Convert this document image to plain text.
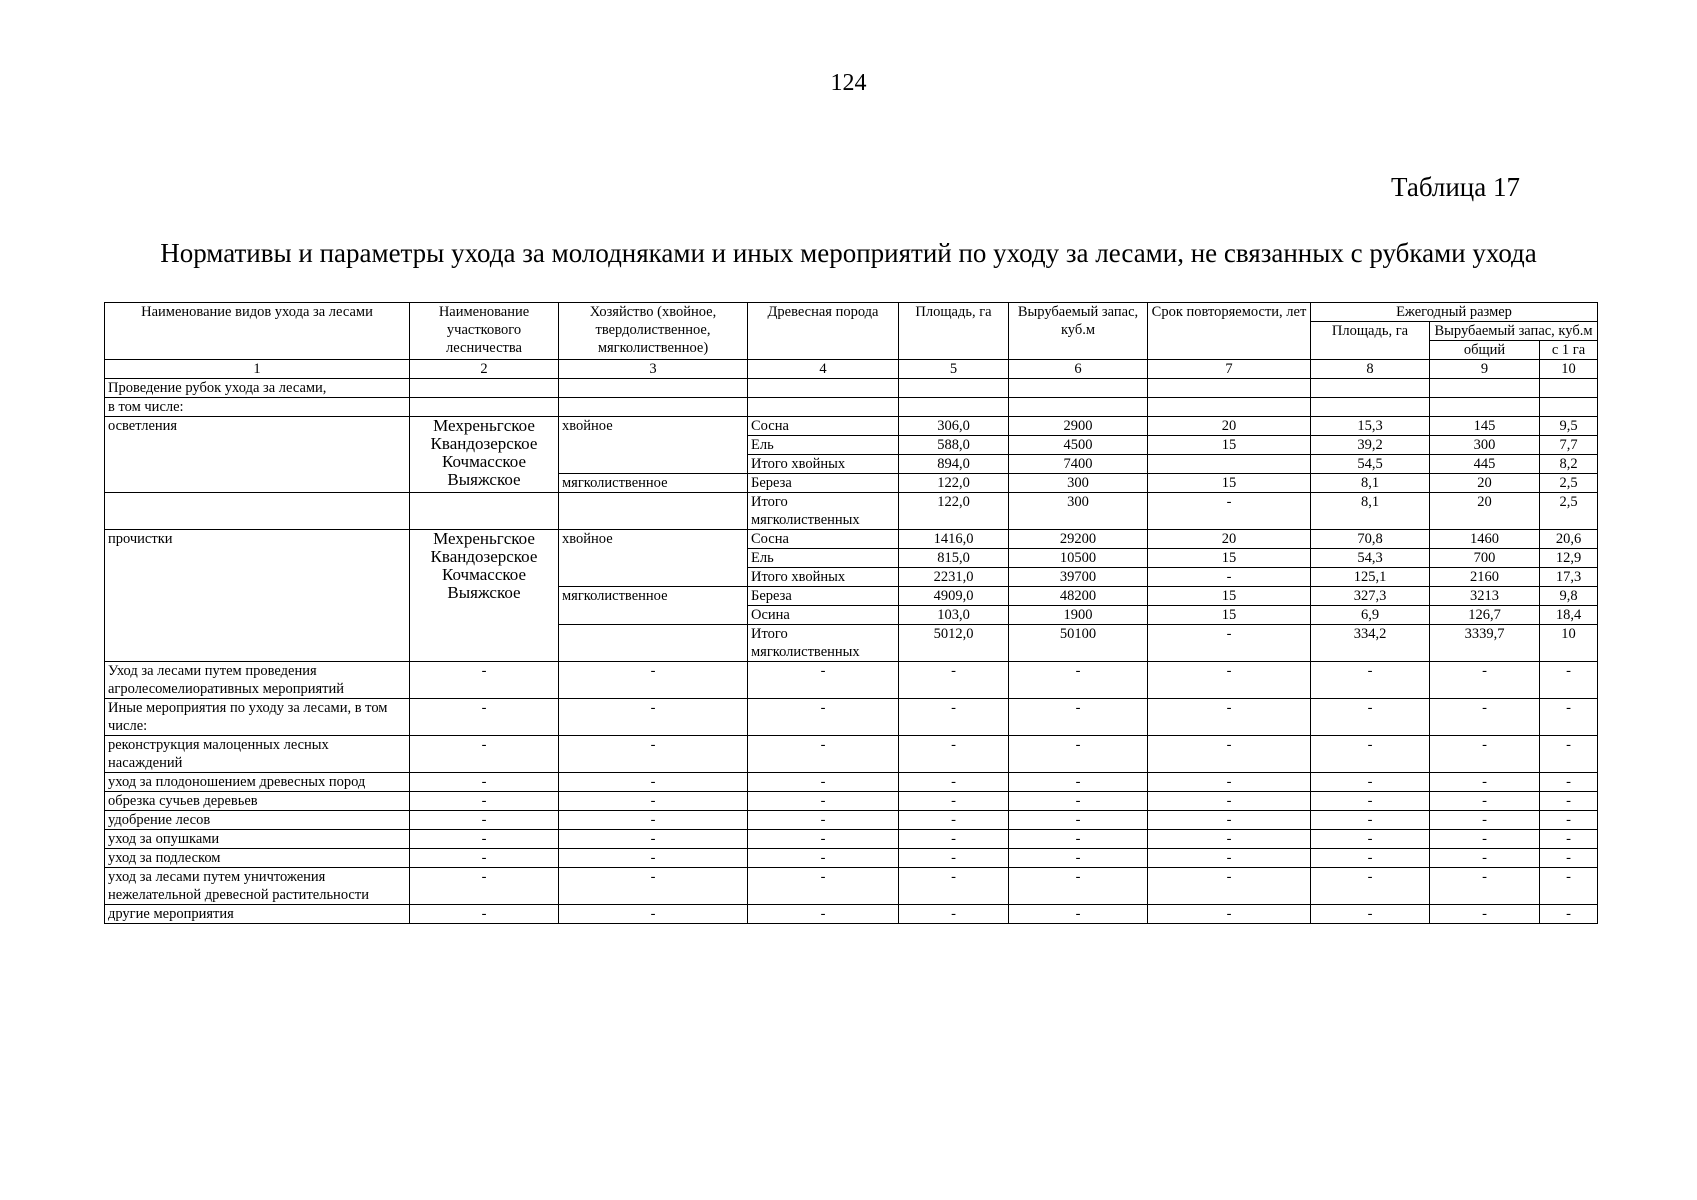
124
Таблица 17
Нормативы и параметры ухода за молодняками и иных мероприятий по уходу за лесами, не связанных с рубками ухода
Наименование видов ухода за лесами	Наименование участкового лесничества	Хозяйство (хвойное, твердолиственное, мягколиственное)	Древесная порода	Площадь, га	Вырубаемый запас, куб.м	Срок повторяемости, лет	Ежегодный размер		
							Площадь, га	Вырубаемый запас, куб.м	
								общий	с 1 га
1	2	3	4	5	6	7	8	9	10
Проведение рубок ухода за лесами,									
в том числе:									
осветления	Мехреньгское
Квандозерское
Кочмасское
Выяжское	хвойное	Сосна	306,0	2900	20	15,3	145	9,5
			Ель	588,0	4500	15	39,2	300	7,7
			Итого хвойных	894,0	7400		54,5	445	8,2
		мягколиственное	Береза	122,0	300	15	8,1	20	2,5
			Итого мягколиственных	122,0	300	-	8,1	20	2,5
прочистки	Мехреньгское
Квандозерское
Кочмасское
Выяжское	хвойное	Сосна	1416,0	29200	20	70,8	1460	20,6
			Ель	815,0	10500	15	54,3	700	12,9
			Итого хвойных	2231,0	39700	-	125,1	2160	17,3
		мягколиственное	Береза	4909,0	48200	15	327,3	3213	9,8
			Осина	103,0	1900	15	6,9	126,7	18,4
			Итого мягколиственных	5012,0	50100	-	334,2	3339,7	10
Уход за лесами путем проведения агролесомелиоративных мероприятий	-	-	-	-	-	-	-	-	-
Иные мероприятия по уходу за лесами, в том числе:	-	-	-	-	-	-	-	-	-
реконструкция малоценных лесных насаждений	-	-	-	-	-	-	-	-	-
уход за плодоношением древесных пород	-	-	-	-	-	-	-	-	-
обрезка сучьев деревьев	-	-	-	-	-	-	-	-	-
удобрение лесов	-	-	-	-	-	-	-	-	-
уход за опушками	-	-	-	-	-	-	-	-	-
уход за подлеском	-	-	-	-	-	-	-	-	-
уход за лесами путем уничтожения нежелательной древесной растительности	-	-	-	-	-	-	-	-	-
другие мероприятия	-	-	-	-	-	-	-	-	-
